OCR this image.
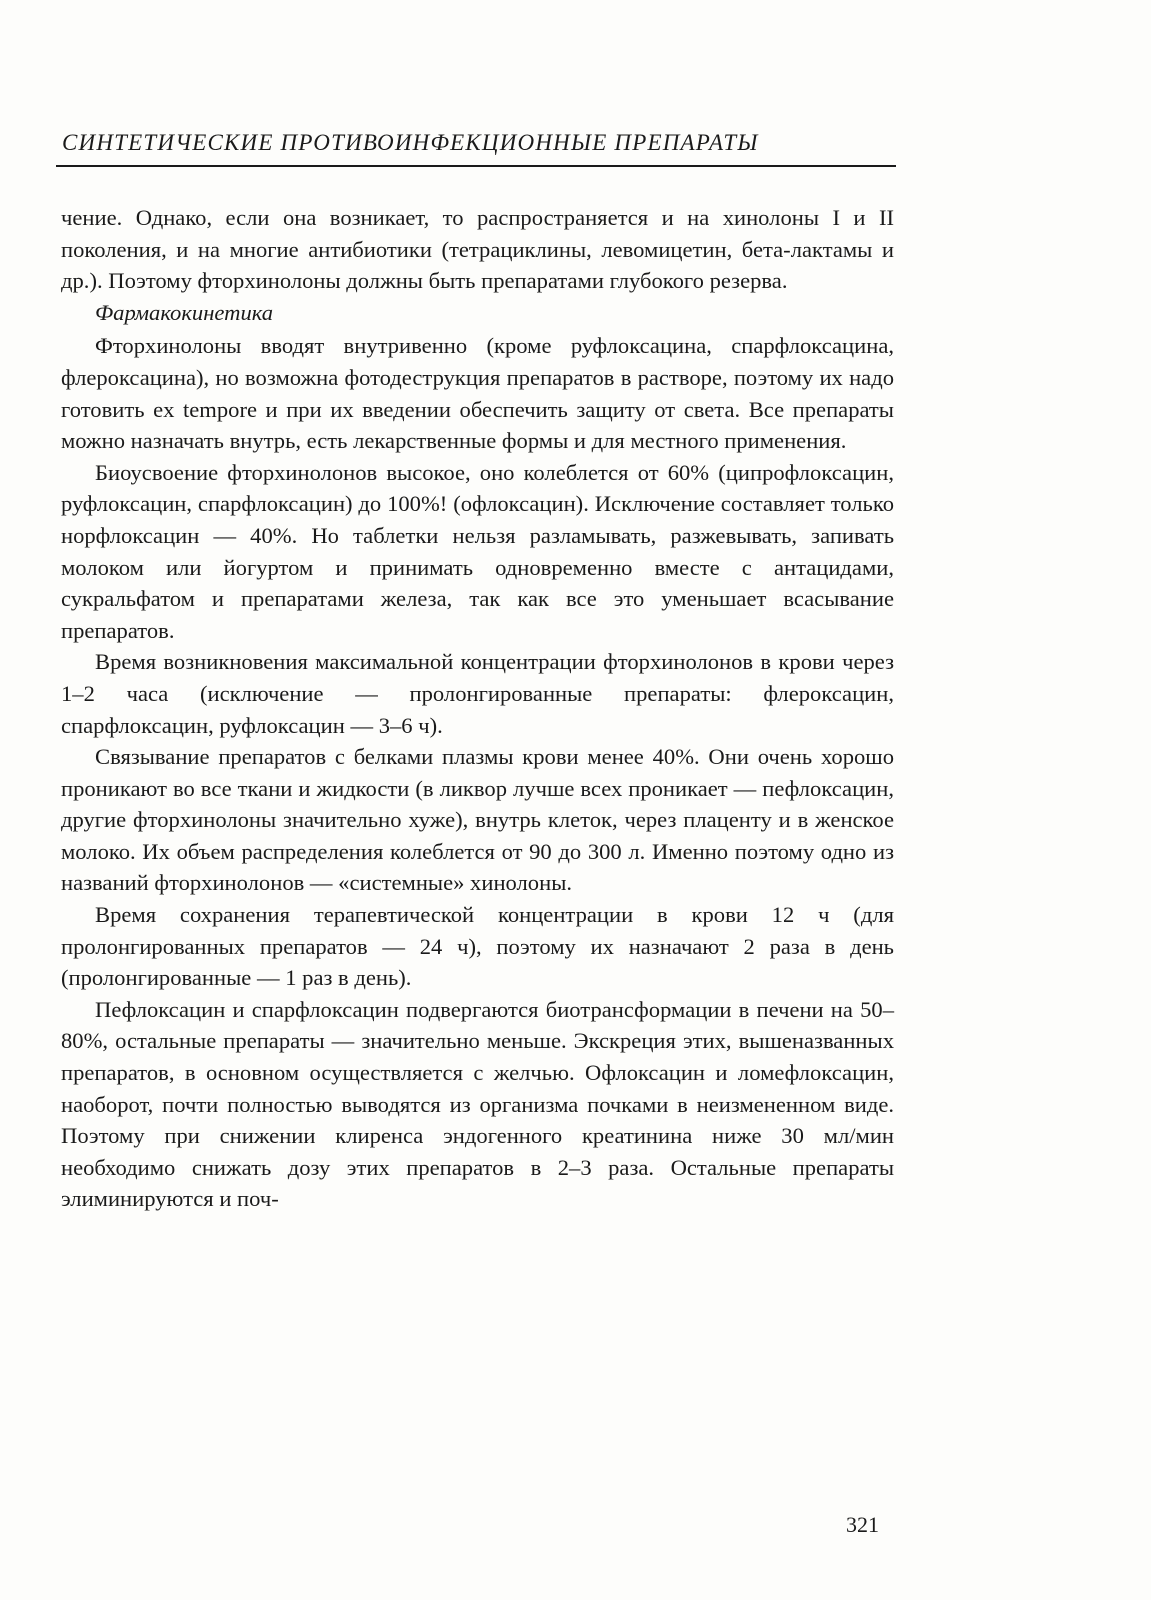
СИНТЕТИЧЕСКИЕ ПРОТИВОИНФЕКЦИОННЫЕ ПРЕПАРАТЫ

чение. Однако, если она возникает, то распространяется и на хинолоны I и II поколения, и на многие антибиотики (тетрациклины, левомицетин, бета-лактамы и др.). Поэтому фторхинолоны должны быть препаратами глубокого резерва.

Фармакокинетика

Фторхинолоны вводят внутривенно (кроме руфлоксацина, спарфлоксацина, флероксацина), но возможна фотодеструкция препаратов в растворе, поэтому их надо готовить ex tempore и при их введении обеспечить защиту от света. Все препараты можно назначать внутрь, есть лекарственные формы и для местного применения.

Биоусвоение фторхинолонов высокое, оно колеблется от 60% (ципрофлоксацин, руфлоксацин, спарфлоксацин) до 100%! (офлоксацин). Исключение составляет только норфлоксацин — 40%. Но таблетки нельзя разламывать, разжевывать, запивать молоком или йогуртом и принимать одновременно вместе с антацидами, сукральфатом и препаратами железа, так как все это уменьшает всасывание препаратов.

Время возникновения максимальной концентрации фторхинолонов в крови через 1–2 часа (исключение — пролонгированные препараты: флероксацин, спарфлоксацин, руфлоксацин — 3–6 ч).

Связывание препаратов с белками плазмы крови менее 40%. Они очень хорошо проникают во все ткани и жидкости (в ликвор лучше всех проникает — пефлоксацин, другие фторхинолоны значительно хуже), внутрь клеток, через плаценту и в женское молоко. Их объем распределения колеблется от 90 до 300 л. Именно поэтому одно из названий фторхинолонов — «системные» хинолоны.

Время сохранения терапевтической концентрации в крови 12 ч (для пролонгированных препаратов — 24 ч), поэтому их назначают 2 раза в день (пролонгированные — 1 раз в день).

Пефлоксацин и спарфлоксацин подвергаются биотрансформации в печени на 50–80%, остальные препараты — значительно меньше. Экскреция этих, вышеназванных препаратов, в основном осуществляется с желчью. Офлоксацин и ломефлоксацин, наоборот, почти полностью выводятся из организма почками в неизмененном виде. Поэтому при снижении клиренса эндогенного креатинина ниже 30 мл/мин необходимо снижать дозу этих препаратов в 2–3 раза. Остальные препараты элиминируются и поч-

321
